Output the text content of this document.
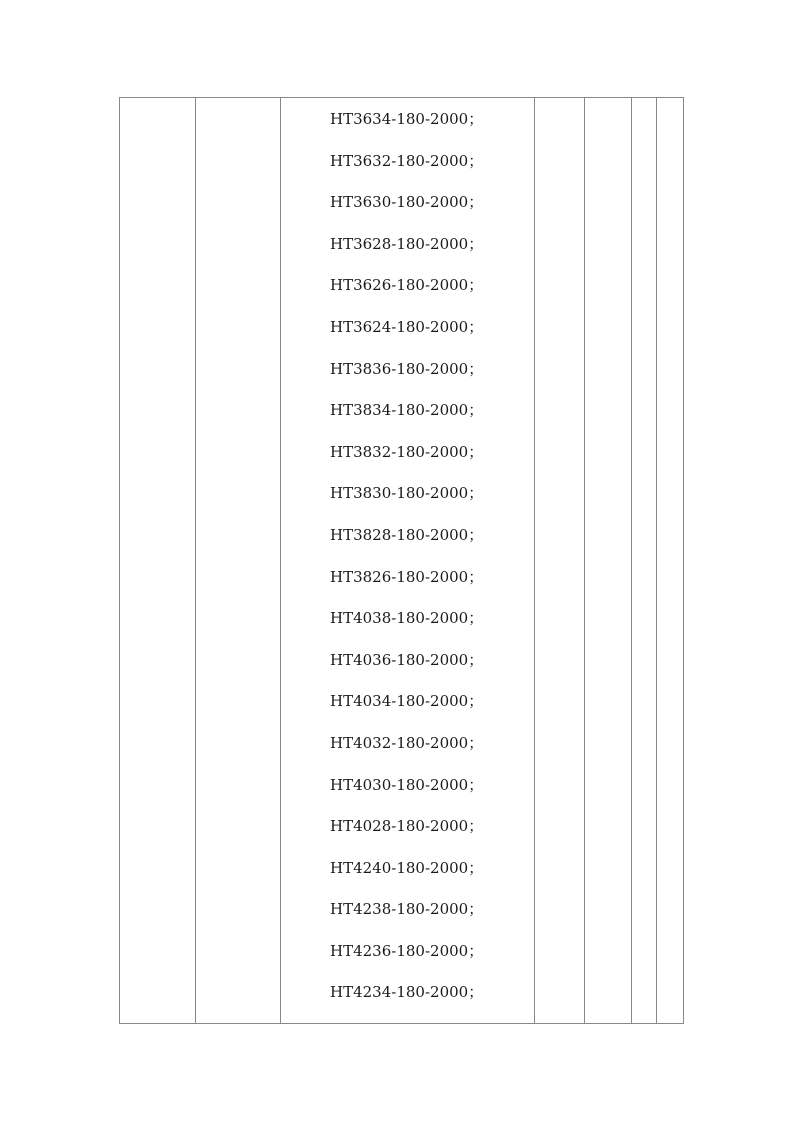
HT3634-180-2000；
HT3632-180-2000；
HT3630-180-2000；
HT3628-180-2000；
HT3626-180-2000；
HT3624-180-2000；
HT3836-180-2000；
HT3834-180-2000；
HT3832-180-2000；
HT3830-180-2000；
HT3828-180-2000；
HT3826-180-2000；
HT4038-180-2000；
HT4036-180-2000；
HT4034-180-2000；
HT4032-180-2000；
HT4030-180-2000；
HT4028-180-2000；
HT4240-180-2000；
HT4238-180-2000；
HT4236-180-2000；
HT4234-180-2000；
